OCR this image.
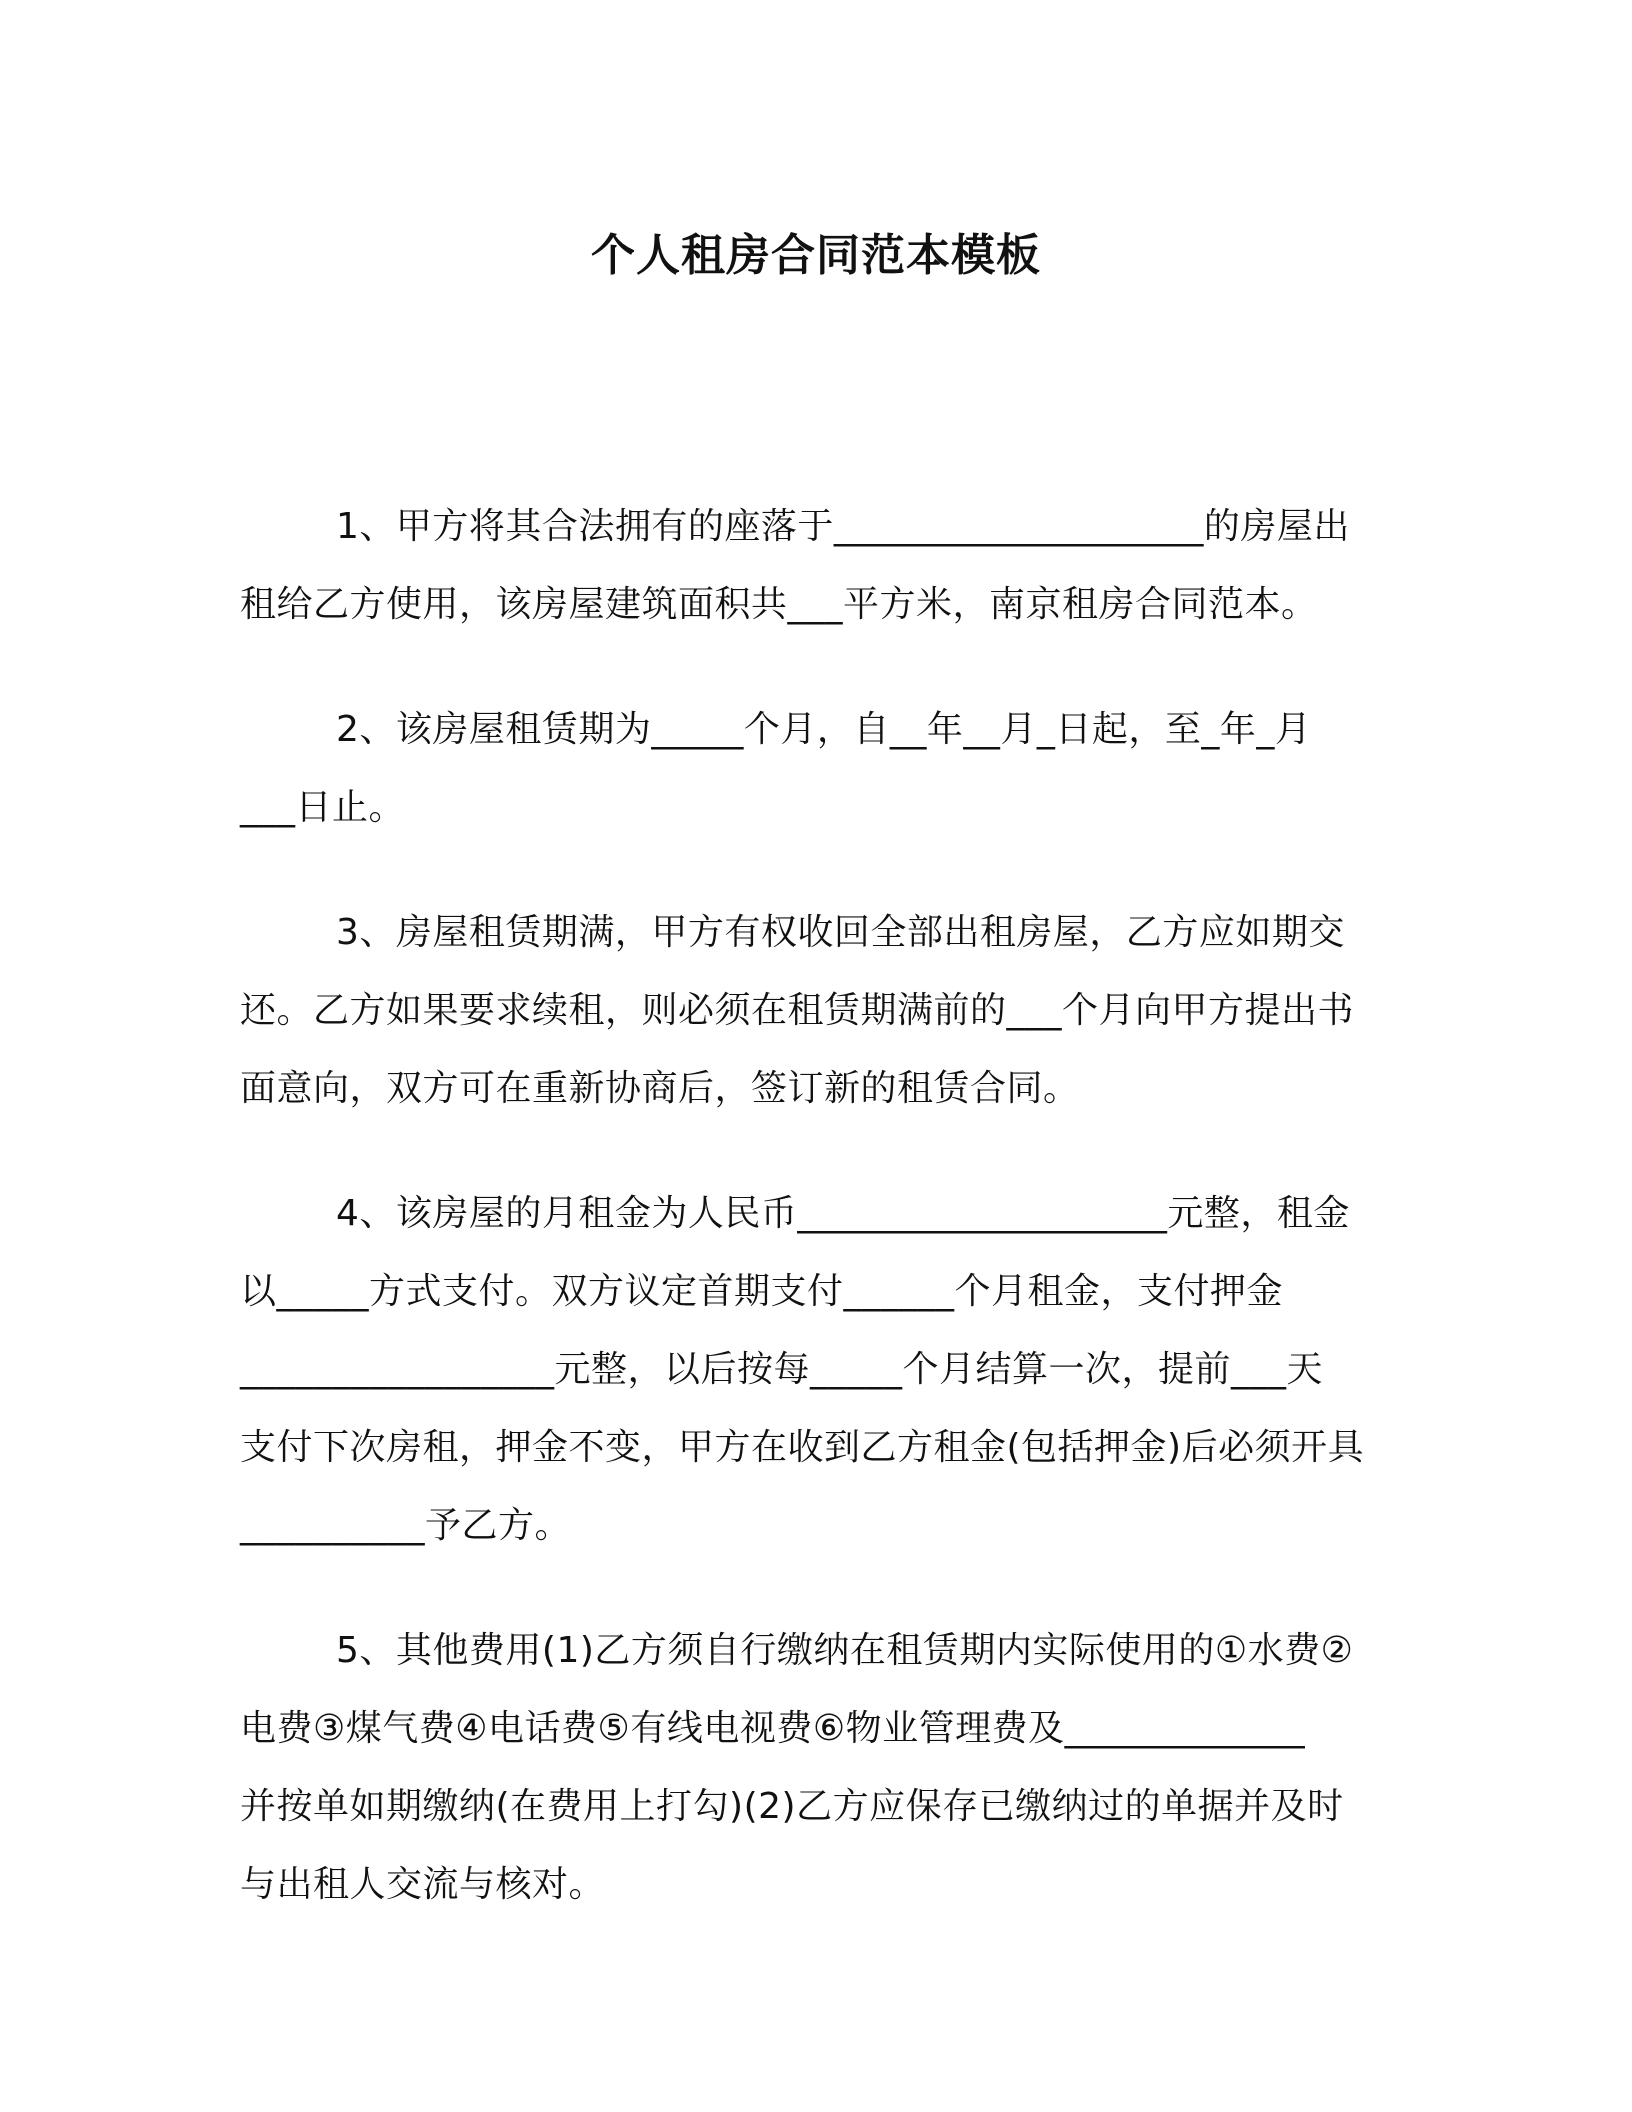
个人租房合同范本模板
1、甲方将其合法拥有的座落于____________________的房屋出
租给乙方使用，该房屋建筑面积共___平方米，南京租房合同范本。
2、该房屋租赁期为_____个月，自__年__月_日起，至_年_月
___日止。
3、房屋租赁期满，甲方有权收回全部出租房屋，乙方应如期交
还。乙方如果要求续租，则必须在租赁期满前的___个月向甲方提出书
面意向，双方可在重新协商后，签订新的租赁合同。
4、该房屋的月租金为人民币____________________元整，租金
以_____方式支付。双方议定首期支付______个月租金，支付押金
_________________元整，以后按每_____个月结算一次，提前___天
支付下次房租，押金不变，甲方在收到乙方租金(包括押金)后必须开具
__________予乙方。
5、其他费用(1)乙方须自行缴纳在租赁期内实际使用的①水费②
电费③煤气费④电话费⑤有线电视费⑥物业管理费及_____________
并按单如期缴纳(在费用上打勾)(2)乙方应保存已缴纳过的单据并及时
与出租人交流与核对。
